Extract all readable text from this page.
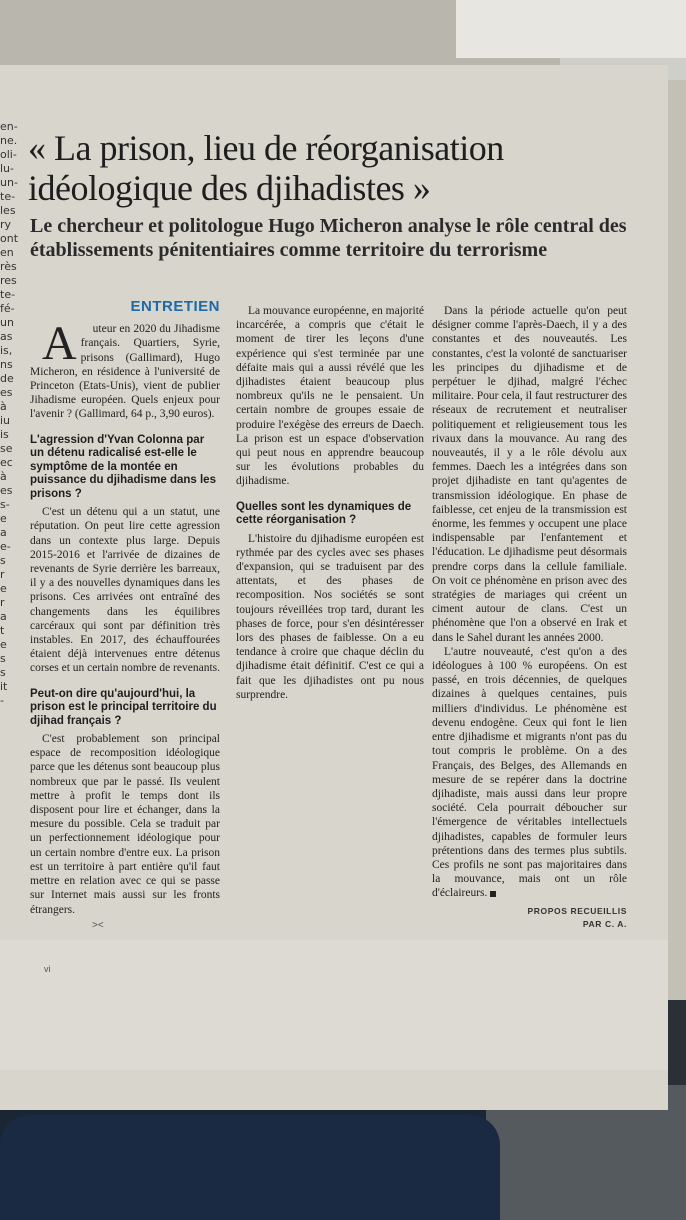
en-
ne.
oli-
lu-
un-
te-
les
ry
ont
en
rès
res
te-
fé-
un
as
is,
ns
de
es
à
iu
is
se
ec
à
es
s-
e
a
e-
s
r
e
r
a
t
e
s
s
it
-
« La prison, lieu de réorganisation idéologique des djihadistes »
Le chercheur et politologue Hugo Micheron analyse le rôle central des établissements pénitentiaires comme territoire du terrorisme
ENTRETIEN

A uteur en 2020 du Jihadisme français. Quartiers, Syrie, prisons (Gallimard), Hugo Micheron, en résidence à l'université de Princeton (Etats-Unis), vient de publier Jihadisme européen. Quels enjeux pour l'avenir ? (Gallimard, 64 p., 3,90 euros).

L'agression d'Yvan Colonna par un détenu radicalisé est-elle le symptôme de la montée en puissance du djihadisme dans les prisons ?

C'est un détenu qui a un statut, une réputation. On peut lire cette agression dans un contexte plus large. Depuis 2015-2016 et l'arrivée de dizaines de revenants de Syrie derrière les barreaux, il y a des nouvelles dynamiques dans les prisons. Ces arrivées ont entraîné des changements dans les équilibres carcéraux qui sont par définition très instables. En 2017, des échauffourées étaient déjà intervenues entre détenus corses et un certain nombre de revenants.

Peut-on dire qu'aujourd'hui, la prison est le principal territoire du djihad français ?

C'est probablement son principal espace de recomposition idéologique parce que les détenus sont beaucoup plus nombreux que par le passé. Ils veulent mettre à profit le temps dont ils disposent pour lire et échanger, dans la mesure du possible. Cela se traduit par un perfectionnement idéologique pour un certain nombre d'entre eux. La prison est un territoire à part entière qu'il faut mettre en relation avec ce qui se passe sur Internet mais aussi sur les fronts étrangers.

La mouvance européenne, en majorité incarcérée, a compris que c'était le moment de tirer les leçons d'une expérience qui s'est terminée par une défaite mais qui a aussi révélé que les djihadistes étaient beaucoup plus nombreux qu'ils ne le pensaient. Un certain nombre de groupes essaie de produire l'exégèse des erreurs de Daech. La prison est un espace d'observation qui peut nous en apprendre beaucoup sur les évolutions probables du djihadisme.

Quelles sont les dynamiques de cette réorganisation ?

L'histoire du djihadisme européen est rythmée par des cycles avec ses phases d'expansion, qui se traduisent par des attentats, et des phases de recomposition. Nos sociétés se sont toujours réveillées trop tard, durant les phases de force, pour s'en désintéresser lors des phases de faiblesse. On a eu tendance à croire que chaque déclin du djihadisme était définitif. C'est ce qui a fait que les djihadistes ont pu nous surprendre.

Dans la période actuelle qu'on peut désigner comme l'après-Daech, il y a des constantes et des nouveautés. Les constantes, c'est la volonté de sanctuariser les principes du djihadisme et de perpétuer le djihad, malgré l'échec militaire. Pour cela, il faut restructurer des réseaux de recrutement et neutraliser politiquement et religieusement tous les rivaux dans la mouvance. Au rang des nouveautés, il y a le rôle dévolu aux femmes. Daech les a intégrées dans son projet djihadiste en tant qu'agentes de transmission idéologique. En phase de faiblesse, cet enjeu de la transmission est énorme, les femmes y occupent une place indispensable par l'enfantement et l'éducation. Le djihadisme peut désormais prendre corps dans la cellule familiale. On voit ce phénomène en prison avec des stratégies de mariages qui créent un ciment autour de clans. C'est un phénomène que l'on a observé en Irak et dans le Sahel durant les années 2000.

L'autre nouveauté, c'est qu'on a des idéologues à 100 % européens. On est passé, en trois décennies, de quelques dizaines à quelques centaines, puis milliers d'individus. Le phénomène est devenu endogène. Ceux qui font le lien entre djihadisme et migrants n'ont pas du tout compris le problème. On a des Français, des Belges, des Allemands en mesure de se repérer dans la doctrine djihadiste, mais aussi dans leur propre société. Cela pourrait déboucher sur l'émergence de véritables intellectuels djihadistes, capables de formuler leurs prétentions dans des termes plus subtils. Ces profils ne sont pas majoritaires dans la mouvance, mais ont un rôle d'éclaireurs.

PROPOS RECUEILLIS
PAR C. A.
><
vi
